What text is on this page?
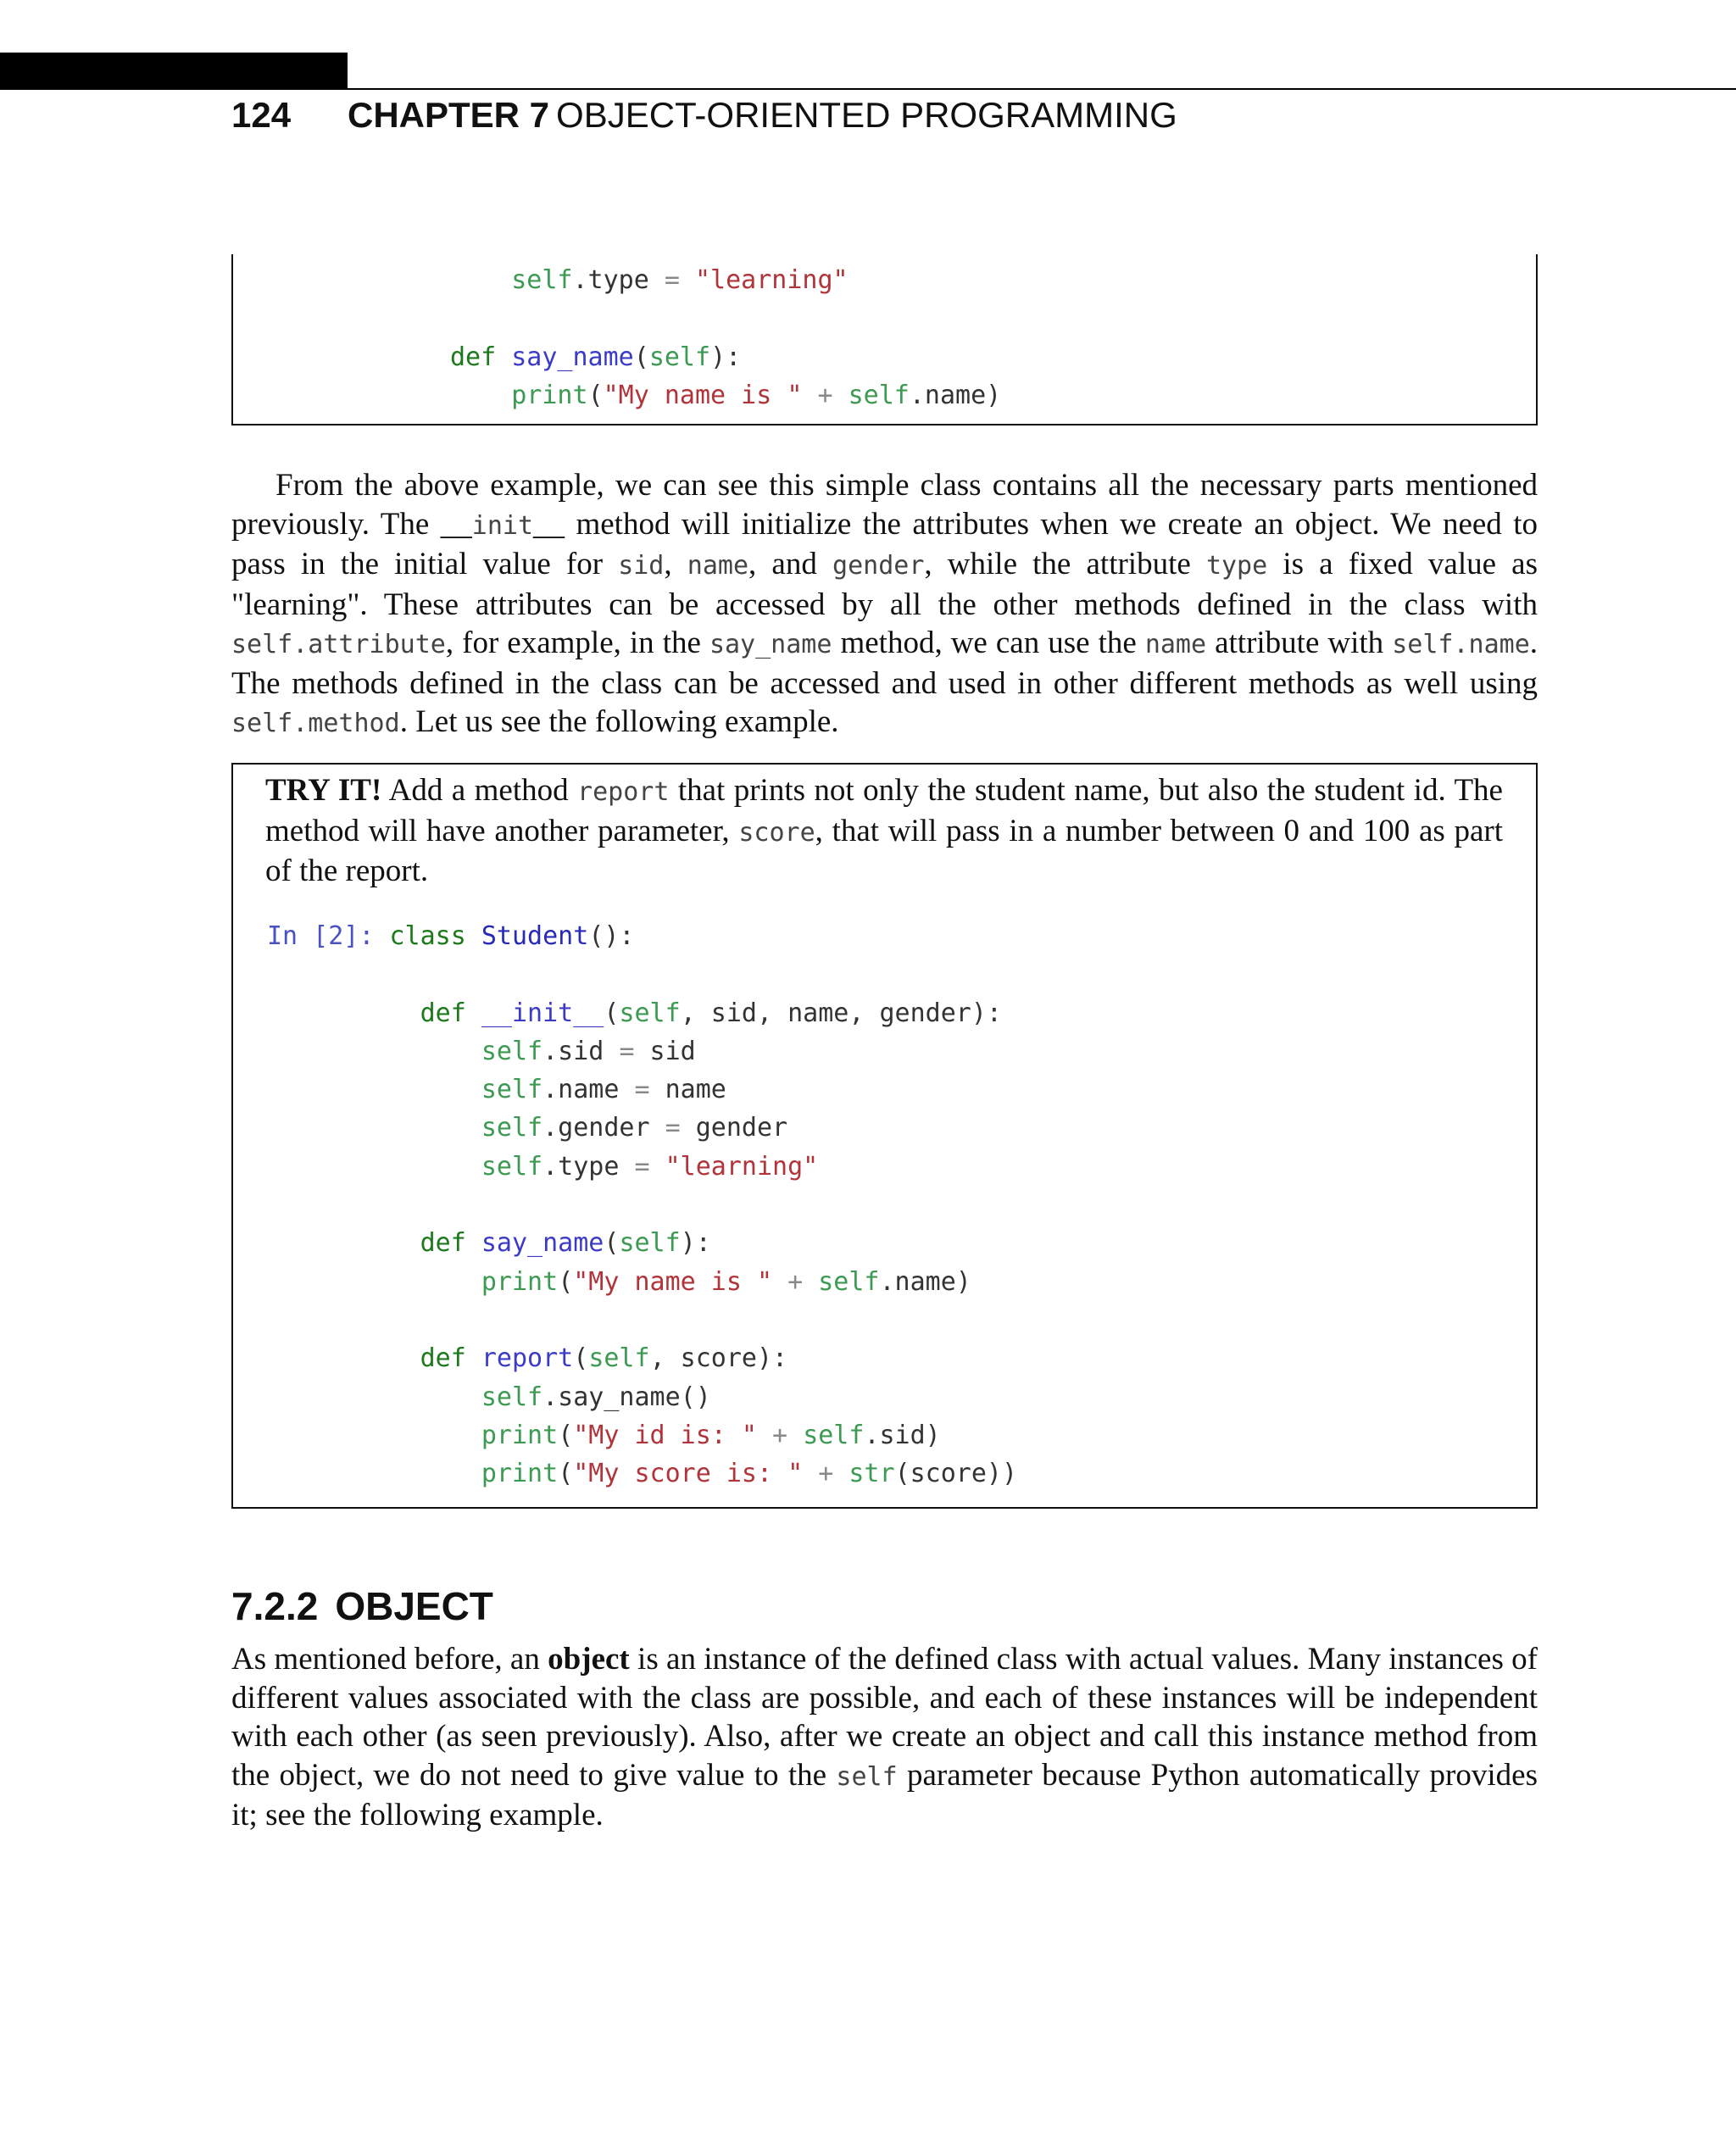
124 CHAPTER 7 OBJECT-ORIENTED PROGRAMMING
self.type = "learning"

def say_name(self):
print("My name is " + self.name)

From the above example, we can see this simple class contains all the necessary parts mentioned previously. The __init__ method will initialize the attributes when we create an object. We need to pass in the initial value for sid, name, and gender, while the attribute type is a fixed value as "learning". These attributes can be accessed by all the other methods defined in the class with self.attribute, for example, in the say_name method, we can use the name attribute with self.name. The methods defined in the class can be accessed and used in other different methods as well using self.method. Let us see the following example.

TRY IT! Add a method report that prints not only the student name, but also the student id. The method will have another parameter, score, that will pass in a number between 0 and 100 as part of the report.

In [2]: class Student():

def __init__(self, sid, name, gender):
self.sid = sid
self.name = name
self.gender = gender
self.type = "learning"

def say_name(self):
print("My name is " + self.name)

def report(self, score):
self.say_name()
print("My id is: " + self.sid)
print("My score is: " + str(score))
7.2.2 OBJECT

As mentioned before, an object is an instance of the defined class with actual values. Many instances of different values associated with the class are possible, and each of these instances will be independent with each other (as seen previously). Also, after we create an object and call this instance method from the object, we do not need to give value to the self parameter because Python automatically provides it; see the following example.
